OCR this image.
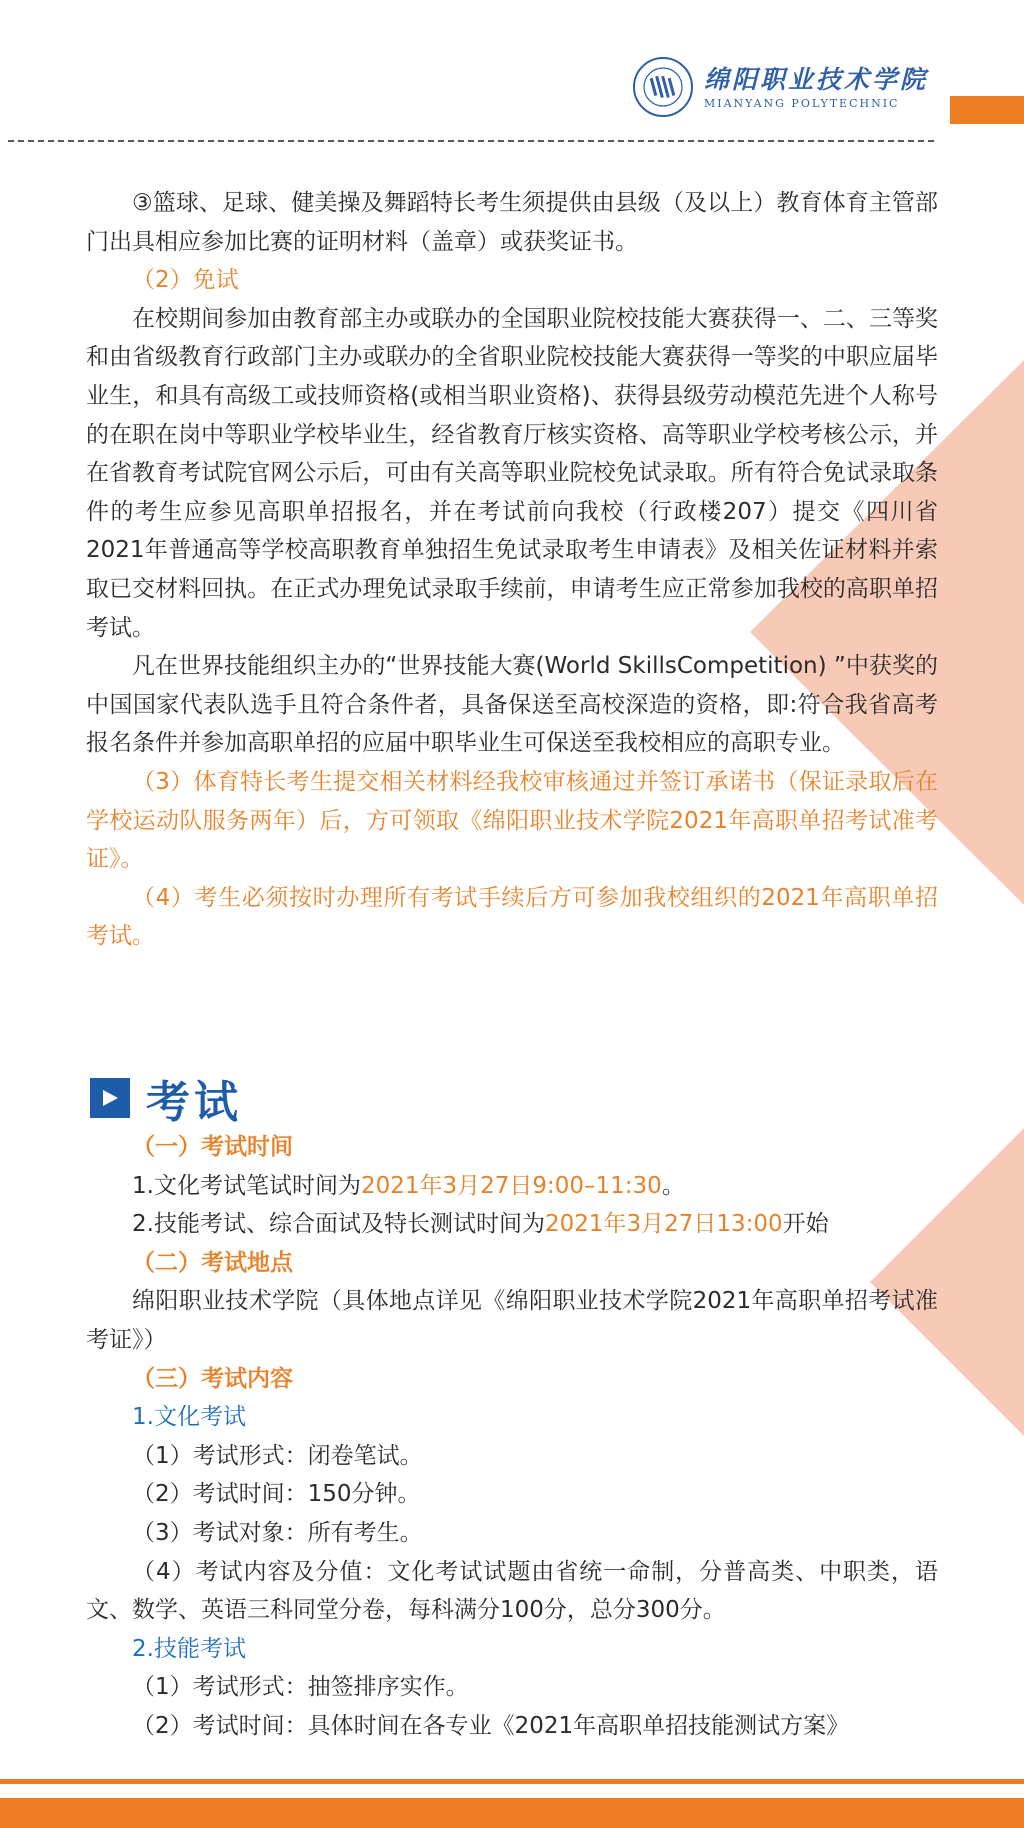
绵阳职业技术学院
MIANYANG POLYTECHNIC

③篮球、足球、健美操及舞蹈特长考生须提供由县级（及以上）教育体育主管部门出具相应参加比赛的证明材料（盖章）或获奖证书。

（2）免试

在校期间参加由教育部主办或联办的全国职业院校技能大赛获得一、二、三等奖和由省级教育行政部门主办或联办的全省职业院校技能大赛获得一等奖的中职应届毕业生，和具有高级工或技师资格(或相当职业资格)、获得县级劳动模范先进个人称号的在职在岗中等职业学校毕业生，经省教育厅核实资格、高等职业学校考核公示，并在省教育考试院官网公示后，可由有关高等职业院校免试录取。所有符合免试录取条件的考生应参见高职单招报名，并在考试前向我校（行政楼207）提交《四川省2021年普通高等学校高职教育单独招生免试录取考生申请表》及相关佐证材料并索取已交材料回执。在正式办理免试录取手续前，申请考生应正常参加我校的高职单招考试。

凡在世界技能组织主办的“世界技能大赛(World SkillsCompetition) ”中获奖的中国国家代表队选手且符合条件者，具备保送至高校深造的资格，即:符合我省高考报名条件并参加高职单招的应届中职毕业生可保送至我校相应的高职专业。

（3）体育特长考生提交相关材料经我校审核通过并签订承诺书（保证录取后在学校运动队服务两年）后，方可领取《绵阳职业技术学院2021年高职单招考试准考证》。

（4）考生必须按时办理所有考试手续后方可参加我校组织的2021年高职单招考试。

考试

（一）考试时间

1.文化考试笔试时间为2021年3月27日9:00–11:30。

2.技能考试、综合面试及特长测试时间为2021年3月27日13:00开始

（二）考试地点

绵阳职业技术学院（具体地点详见《绵阳职业技术学院2021年高职单招考试准考证》）

（三）考试内容

1.文化考试

（1）考试形式：闭卷笔试。

（2）考试时间：150分钟。

（3）考试对象：所有考生。

（4）考试内容及分值：文化考试试题由省统一命制，分普高类、中职类，语文、数学、英语三科同堂分卷，每科满分100分，总分300分。

2.技能考试

（1）考试形式：抽签排序实作。

（2）考试时间：具体时间在各专业《2021年高职单招技能测试方案》
